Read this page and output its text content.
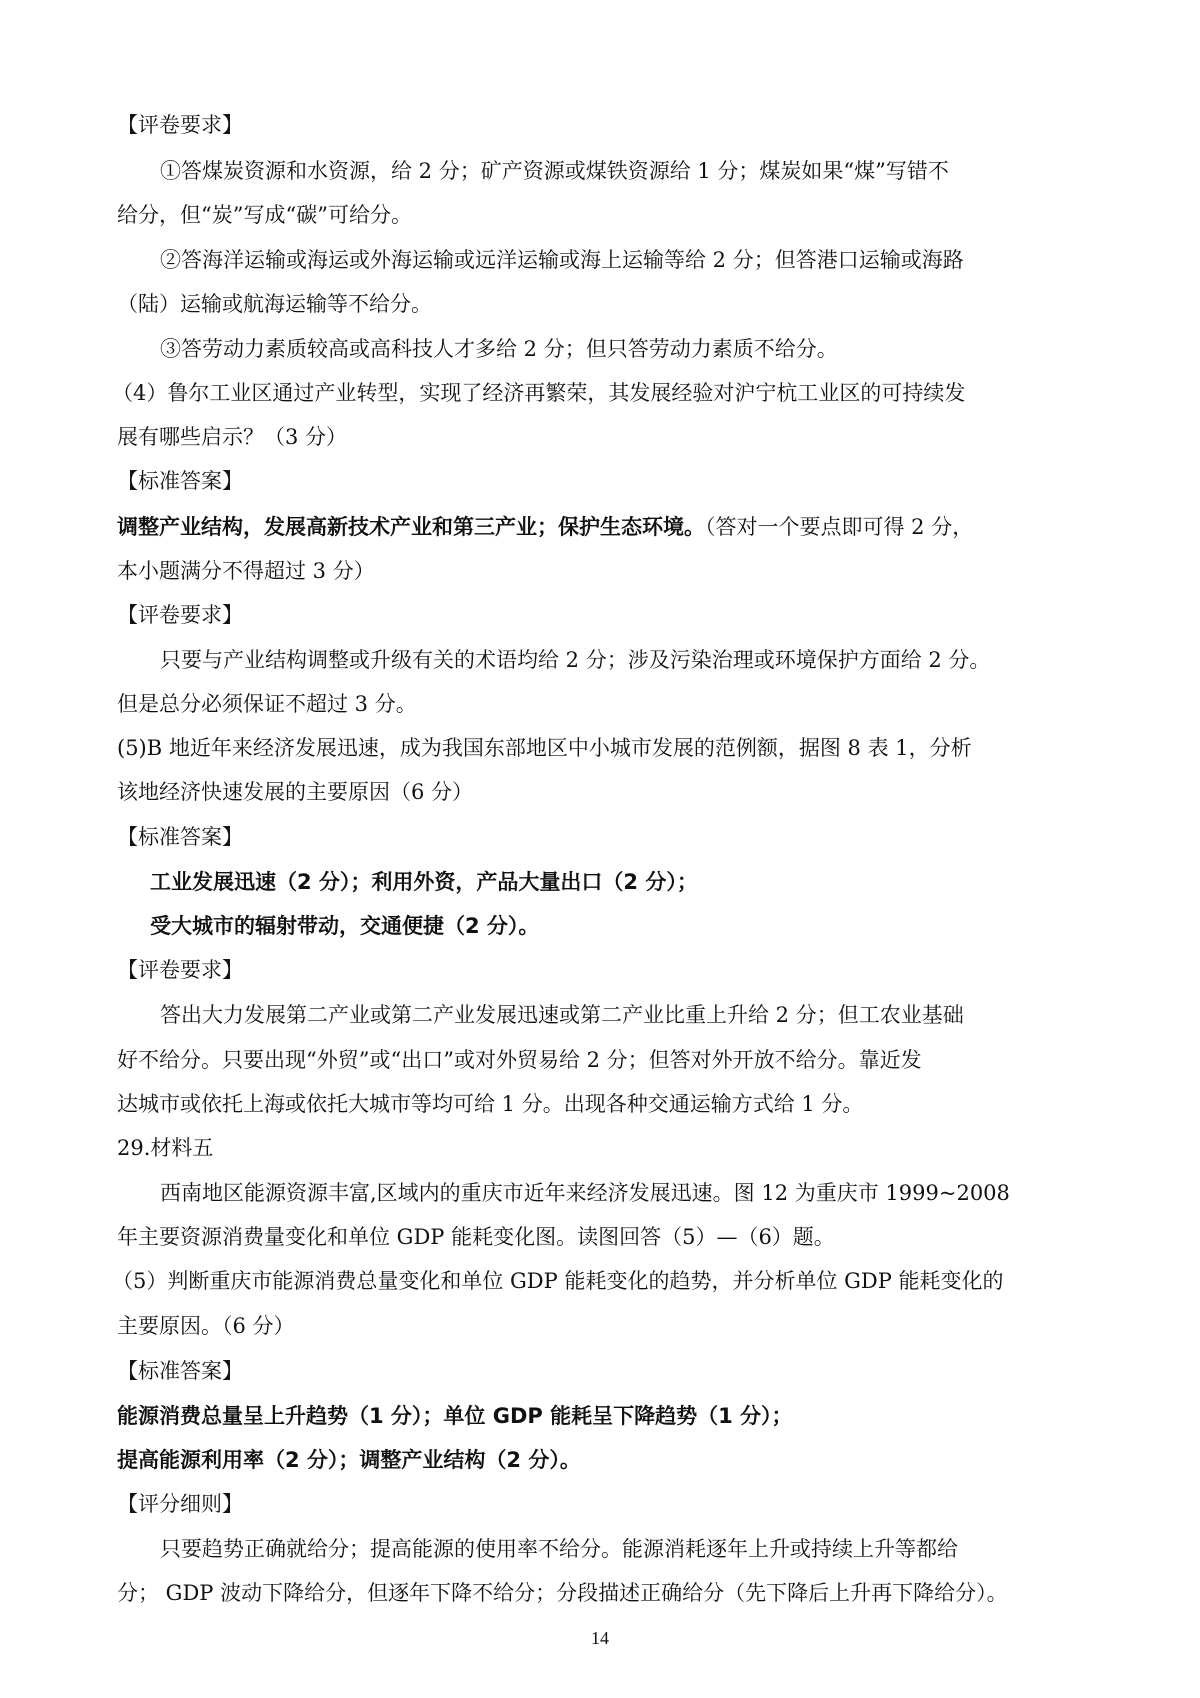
【评卷要求】
①答煤炭资源和水资源，给 2 分；矿产资源或煤铁资源给 1 分；煤炭如果“煤”写错不
给分，但“炭”写成“碳”可给分。
②答海洋运输或海运或外海运输或远洋运输或海上运输等给 2 分；但答港口运输或海路
（陆）运输或航海运输等不给分。
③答劳动力素质较高或高科技人才多给 2 分；但只答劳动力素质不给分。
（4）鲁尔工业区通过产业转型，实现了经济再繁荣，其发展经验对沪宁杭工业区的可持续发
展有哪些启示？（3 分）
【标准答案】
调整产业结构，发展高新技术产业和第三产业；保护生态环境。（答对一个要点即可得 2 分，
本小题满分不得超过 3 分）
【评卷要求】
只要与产业结构调整或升级有关的术语均给 2 分；涉及污染治理或环境保护方面给 2 分。
但是总分必须保证不超过 3 分。
(5)B 地近年来经济发展迅速，成为我国东部地区中小城市发展的范例额，据图 8 表 1，分析
该地经济快速发展的主要原因（6 分）
【标准答案】
工业发展迅速（2 分）；利用外资，产品大量出口（2 分）；
受大城市的辐射带动，交通便捷（2 分）。
【评卷要求】
答出大力发展第二产业或第二产业发展迅速或第二产业比重上升给 2 分；但工农业基础
好不给分。只要出现“外贸”或“出口”或对外贸易给 2 分；但答对外开放不给分。靠近发
达城市或依托上海或依托大城市等均可给 1 分。出现各种交通运输方式给 1 分。
29.材料五
西南地区能源资源丰富,区域内的重庆市近年来经济发展迅速。图 12 为重庆市 1999~2008
年主要资源消费量变化和单位 GDP 能耗变化图。读图回答（5）—（6）题。
（5）判断重庆市能源消费总量变化和单位 GDP 能耗变化的趋势，并分析单位 GDP 能耗变化的
主要原因。（6 分）
【标准答案】
能源消费总量呈上升趋势（1 分）；单位 GDP 能耗呈下降趋势（1 分）；
提高能源利用率（2 分）；调整产业结构（2 分）。
【评分细则】
只要趋势正确就给分；提高能源的使用率不给分。能源消耗逐年上升或持续上升等都给
分； GDP 波动下降给分，但逐年下降不给分；分段描述正确给分（先下降后上升再下降给分）。
14
